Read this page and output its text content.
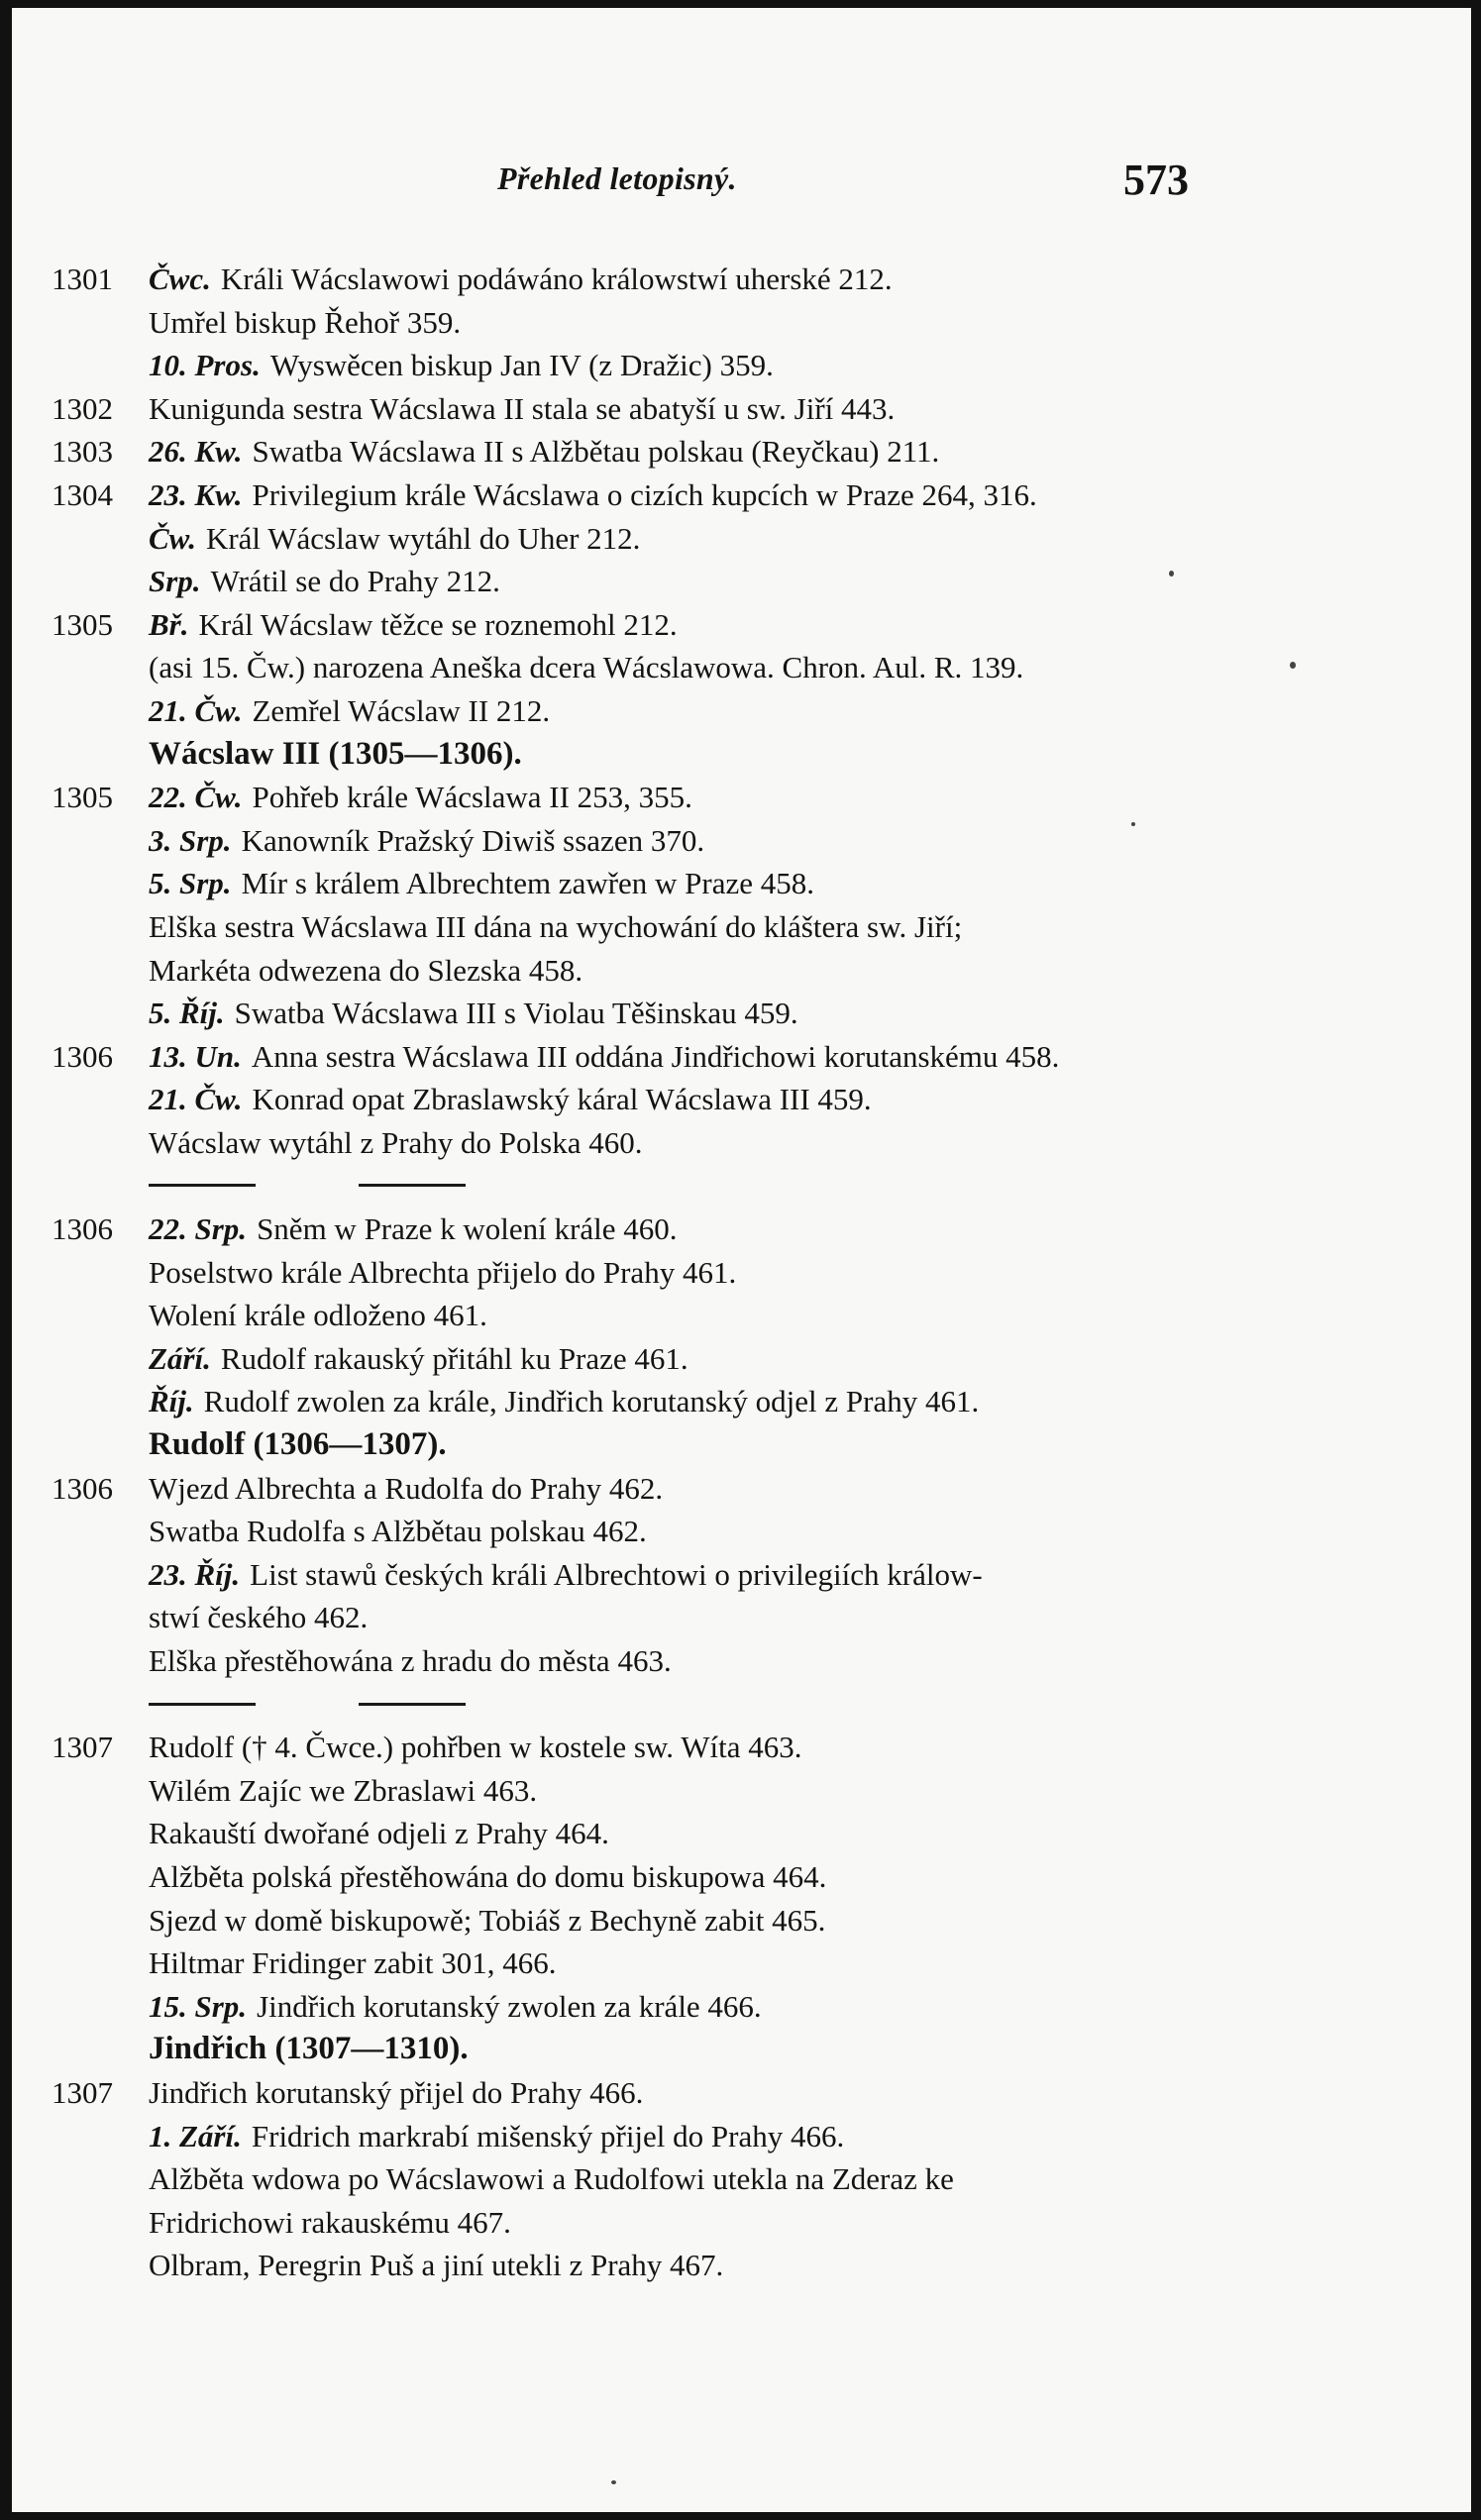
Přehled letopisný.	573
1301	Čwc. Králi Wácslawowi podáwáno králowstwí uherské 212.
Umřel biskup Řehoř 359.
10. Pros. Wyswěcen biskup Jan IV (z Dražic) 359.
1302	Kunigunda sestra Wácslawa II stala se abatyší u sw. Jiří 443.
1303	26. Kw. Swatba Wácslawa II s Alžbětau polskau (Reyčkau) 211.
1304	23. Kw. Privilegium krále Wácslawa o cizích kupcích w Praze 264, 316.
Čw. Král Wácslaw wytáhl do Uher 212.
Srp. Wrátil se do Prahy 212.
1305	Bř. Král Wácslaw těžce se roznemohl 212.
(asi 15. Čw.) narozena Aneška dcera Wácslawowa. Chron. Aul. R. 139.
21. Čw. Zemřel Wácslaw II 212.
Wácslaw III (1305—1306).
1305	22. Čw. Pohřeb krále Wácslawa II 253, 355.
3. Srp. Kanowník Pražský Diwiš ssazen 370.
5. Srp. Mír s králem Albrechtem zawřen w Praze 458.
Elška sestra Wácslawa III dána na wychowání do kláštera sw. Jiří;
Markéta odwezena do Slezska 458.
5. Říj. Swatba Wácslawa III s Violau Těšinskau 459.
1306	13. Un. Anna sestra Wácslawa III oddána Jindřichowi korutanskému 458.
21. Čw. Konrad opat Zbraslawský káral Wácslawa III 459.
Wácslaw wytáhl z Prahy do Polska 460.
1306	22. Srp. Sněm w Praze k wolení krále 460.
Poselstwo krále Albrechta přijelo do Prahy 461.
Wolení krále odloženo 461.
Září. Rudolf rakauský přitáhl ku Praze 461.
Říj. Rudolf zwolen za krále, Jindřich korutanský odjel z Prahy 461.
Rudolf (1306—1307).
1306	Wjezd Albrechta a Rudolfa do Prahy 462.
Swatba Rudolfa s Alžbětau polskau 462.
23. Říj. List stawů českých králi Albrechtowi o privilegiích králow-
stwí českého 462.
Elška přestěhowána z hradu do města 463.
1307	Rudolf († 4. Čwce.) pohřben w kostele sw. Wíta 463.
Wilém Zajíc we Zbraslawi 463.
Rakauští dwořané odjeli z Prahy 464.
Alžběta polská přestěhowána do domu biskupowa 464.
Sjezd w domě biskupowě; Tobiáš z Bechyně zabit 465.
Hiltmar Fridinger zabit 301, 466.
15. Srp. Jindřich korutanský zwolen za krále 466.
Jindřich (1307—1310).
1307	Jindřich korutanský přijel do Prahy 466.
1. Září. Fridrich markrabí mišenský přijel do Prahy 466.
Alžběta wdowa po Wácslawowi a Rudolfowi utekla na Zderaz ke
Fridrichowi rakauskému 467.
Olbram, Peregrin Puš a jiní utekli z Prahy 467.
